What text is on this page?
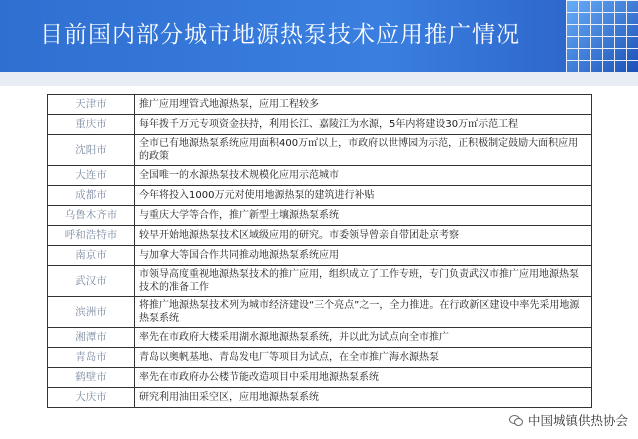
目前国内部分城市地源热泵技术应用推广情况
天津市	推广应用埋管式地源热泵，应用工程较多
重庆市	每年拨千万元专项资金扶持，利用长江、嘉陵江为水源，5年内将建设30万㎡示范工程
沈阳市	全市已有地源热泵系统应用面积400万㎡以上，市政府以世博园为示范，正积极制定鼓励大面积应用的政策
大连市	全国唯一的水源热泵技术规模化应用示范城市
成都市	今年将投入1000万元对使用地源热泵的建筑进行补贴
乌鲁木齐市	与重庆大学等合作，推广新型土壤源热泵系统
呼和浩特市	较早开始地源热泵技术区域级应用的研究。市委领导曾亲自带团赴京考察
南京市	与加拿大等国合作共同推动地源热泵系统应用
武汉市	市领导高度重视地源热泵技术的推广应用，组织成立了工作专班，专门负责武汉市推广应用地源热泵技术的准备工作
滨洲市	将推广地源热泵技术列为城市经济建设“三个亮点”之一，全力推进。在行政新区建设中率先采用地源热泵系统
湘潭市	率先在市政府大楼采用湖水源地源热泵系统，并以此为试点向全市推广
青岛市	青岛以奥帆基地、青岛发电厂等项目为试点，在全市推广海水源热泵
鹤壁市	率先在市政府办公楼节能改造项目中采用地源热泵系统
大庆市	研究利用油田采空区，应用地源热泵系统
中国城镇供热协会
